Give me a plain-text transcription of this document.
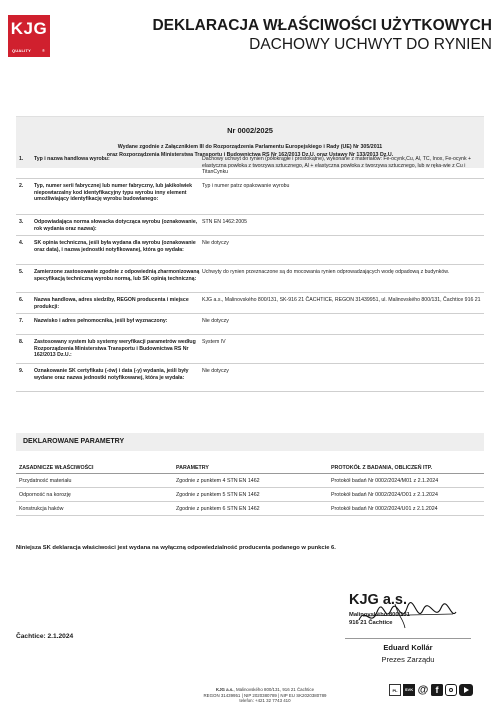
KJG
QUALITY	®
DEKLARACJA WŁAŚCIWOŚCI UŻYTKOWYCH
DACHOWY UCHWYT DO RYNIEN
Nr 0002/2025
Wydane zgodnie z Załącznikiem III do Rozporządzenia Parlamentu Europejskiego i Rady (UE) Nr 305/2011
oraz Rozporządzenia Ministerstwa Transportu i Budownictwa RS Nr 162/2013 Dz.U. oraz Ustawy Nr 133/2013 Dz.U.
1. Typ i nazwa handlowa wyrobu:	Dachowy uchwyt do rynien (półokrągłe i prostokątne), wykonane z materiałów: Fe-ocynk,Cu, Al, TC, Inox, Fe-ocynk + elastyczna powłoka z tworzywa sztucznego, Al + elastyczna powłoka z tworzywa sztucznego, lub w ręka-wie z Cu i TitanCynku
2. Typ, numer serii fabrycznej lub numer fabryczny, lub jakikolwiek niepowtarzalny kod identyfikacyjny typu wyrobu inny element umożliwiający identyfikację wyrobu budowlanego:
Typ i numer patrz opakowanie wyrobu
3. Odpowiadająca norma słowacka dotycząca wyrobu (oznakowanie, rok wydania oraz nazwa):
STN EN 1462:2005
4. SK opinia techniczna, jeśli była wydana dla wyrobu (oznakowanie oraz data), i nazwa jednostki notyfikowanej, która go wydała:
Nie dotyczy
5. Zamierzone zastosowanie zgodnie z odpowiednią zharmonizowaną specyfikacją techniczną wyrobu normą, lub SK opinią techniczną:
Uchwyty do rynien przeznaczone są do mocowania rynien odprowadzających wodę odpadową z budynków.
6. Nazwa handlowa, adres siedziby, REGON producenta i miejsce produkcji:
KJG a.s., Malinovského 800/131, SK-916 21 ČACHTICE, REGON 31439951, ul. Malinovského 800/131, Čachtice 916 21
7. Nazwisko i adres pełnomocnika, jeśli był wyznaczony:	Nie dotyczy
8. Zastosowany system lub systemy weryfikacji parametrów według Rozporządzenia Ministerstwa Transportu i Budownictwa RS Nr 162/2013 Dz.U.:
System IV
9. Oznakowanie SK certyfikatu (-ów) i data (-y) wydania, jeśli były wydane oraz nazwa jednostki notyfikowanej, która je wydała:
Nie dotyczy
DEKLAROWANE PARAMETRY
ZASADNICZE WŁAŚCIWOŚCI	PARAMETRY	PROTOKÓŁ Z BADANIA, OBLICZEŃ ITP.
Przydatność materiału	Zgodnie z punktem 4 STN EN 1462	Protokół badań Nr 0002/2024/M01 z 2.1.2024
Odporność na korozję	Zgodnie z punktem 5 STN EN 1462	Protokół badań Nr 0002/2024/O01 z 2.1.2024
Konstrukcja haków	Zgodnie z punktem 6 STN EN 1462	Protokół badań Nr 0002/2024/U01 z 2.1.2024
Niniejsza SK deklaracja właściwości jest wydana na wyłączną odpowiedzialność producenta podanego w punkcie 6.
KJG a.s.
Malinovského 800/131
916 21 Čachtice
Eduard Kollár
Prezes Zarządu
Čachtice: 2.1.2024
KJG a.s., Malinovského 800/131, 916 21 Čachtice
REGON 31439951 | NIP 2020380789 | NIP EU SK2020380789
telefon: +421 32 7743 410
PL	SVK @ f
